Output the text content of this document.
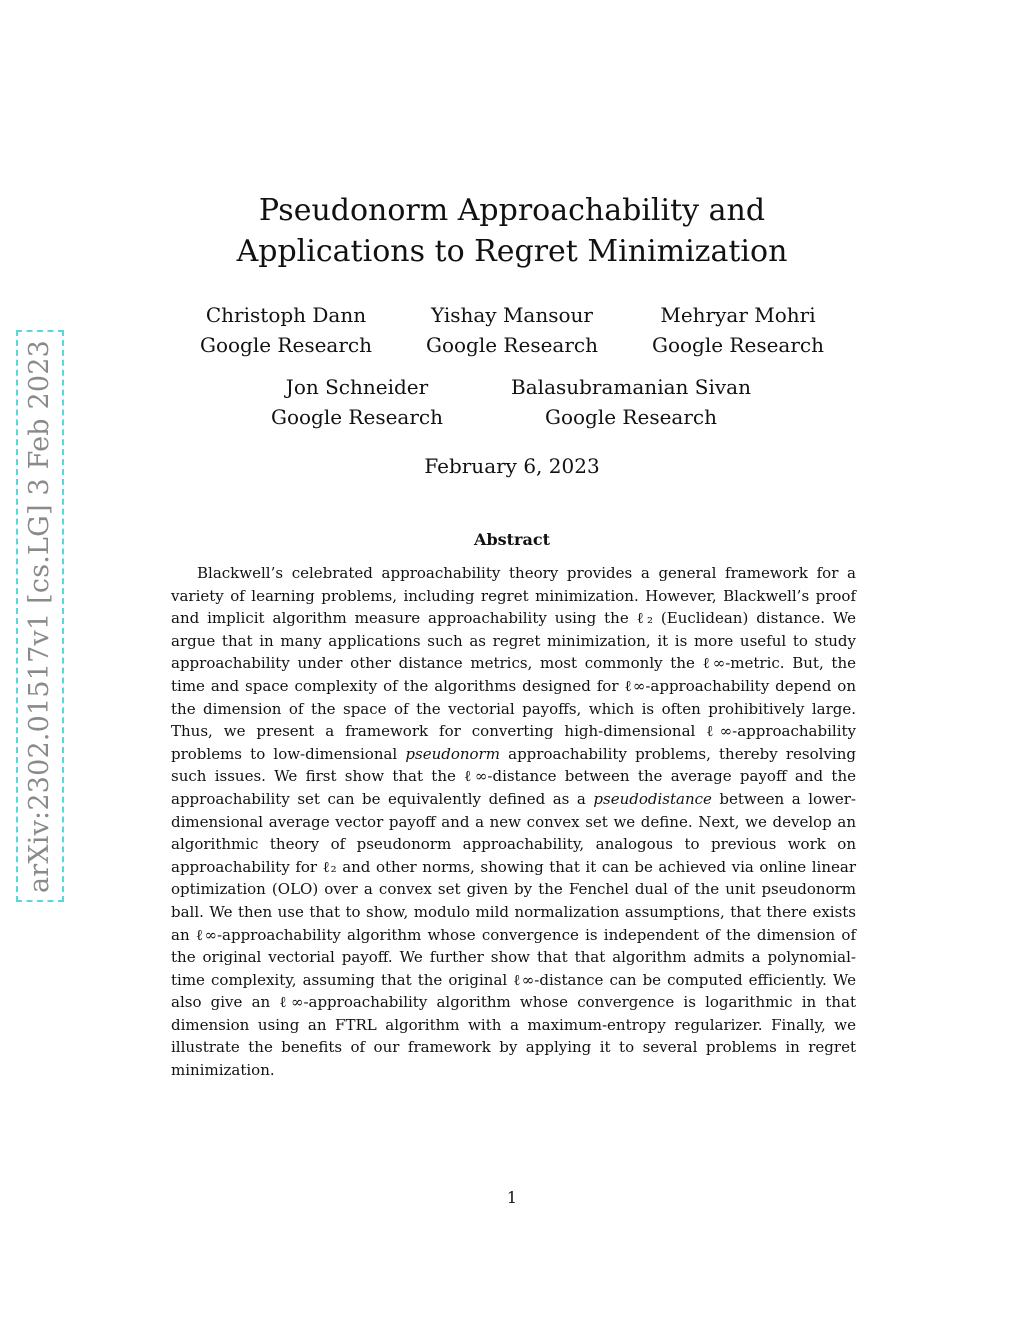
arXiv:2302.01517v1 [cs.LG] 3 Feb 2023
Pseudonorm Approachability and
Applications to Regret Minimization
Christoph Dann
Google Research
Yishay Mansour
Google Research
Mehryar Mohri
Google Research
Jon Schneider
Google Research
Balasubramanian Sivan
Google Research
February 6, 2023
Abstract

Blackwell’s celebrated approachability theory provides a general framework for a variety of learning problems, including regret minimization. However, Blackwell’s proof and implicit algorithm measure approachability using the ℓ₂ (Euclidean) distance. We argue that in many applications such as regret minimization, it is more useful to study approachability under other distance metrics, most commonly the ℓ∞-metric. But, the time and space complexity of the algorithms designed for ℓ∞-approachability depend on the dimension of the space of the vectorial payoffs, which is often prohibitively large. Thus, we present a framework for converting high-dimensional ℓ∞-approachability problems to low-dimensional pseudonorm approachability problems, thereby resolving such issues. We first show that the ℓ∞-distance between the average payoff and the approachability set can be equivalently defined as a pseudodistance between a lower-dimensional average vector payoff and a new convex set we define. Next, we develop an algorithmic theory of pseudonorm approachability, analogous to previous work on approachability for ℓ₂ and other norms, showing that it can be achieved via online linear optimization (OLO) over a convex set given by the Fenchel dual of the unit pseudonorm ball. We then use that to show, modulo mild normalization assumptions, that there exists an ℓ∞-approachability algorithm whose convergence is independent of the dimension of the original vectorial payoff. We further show that that algorithm admits a polynomial-time complexity, assuming that the original ℓ∞-distance can be computed efficiently. We also give an ℓ∞-approachability algorithm whose convergence is logarithmic in that dimension using an FTRL algorithm with a maximum-entropy regularizer. Finally, we illustrate the benefits of our framework by applying it to several problems in regret minimization.

1
